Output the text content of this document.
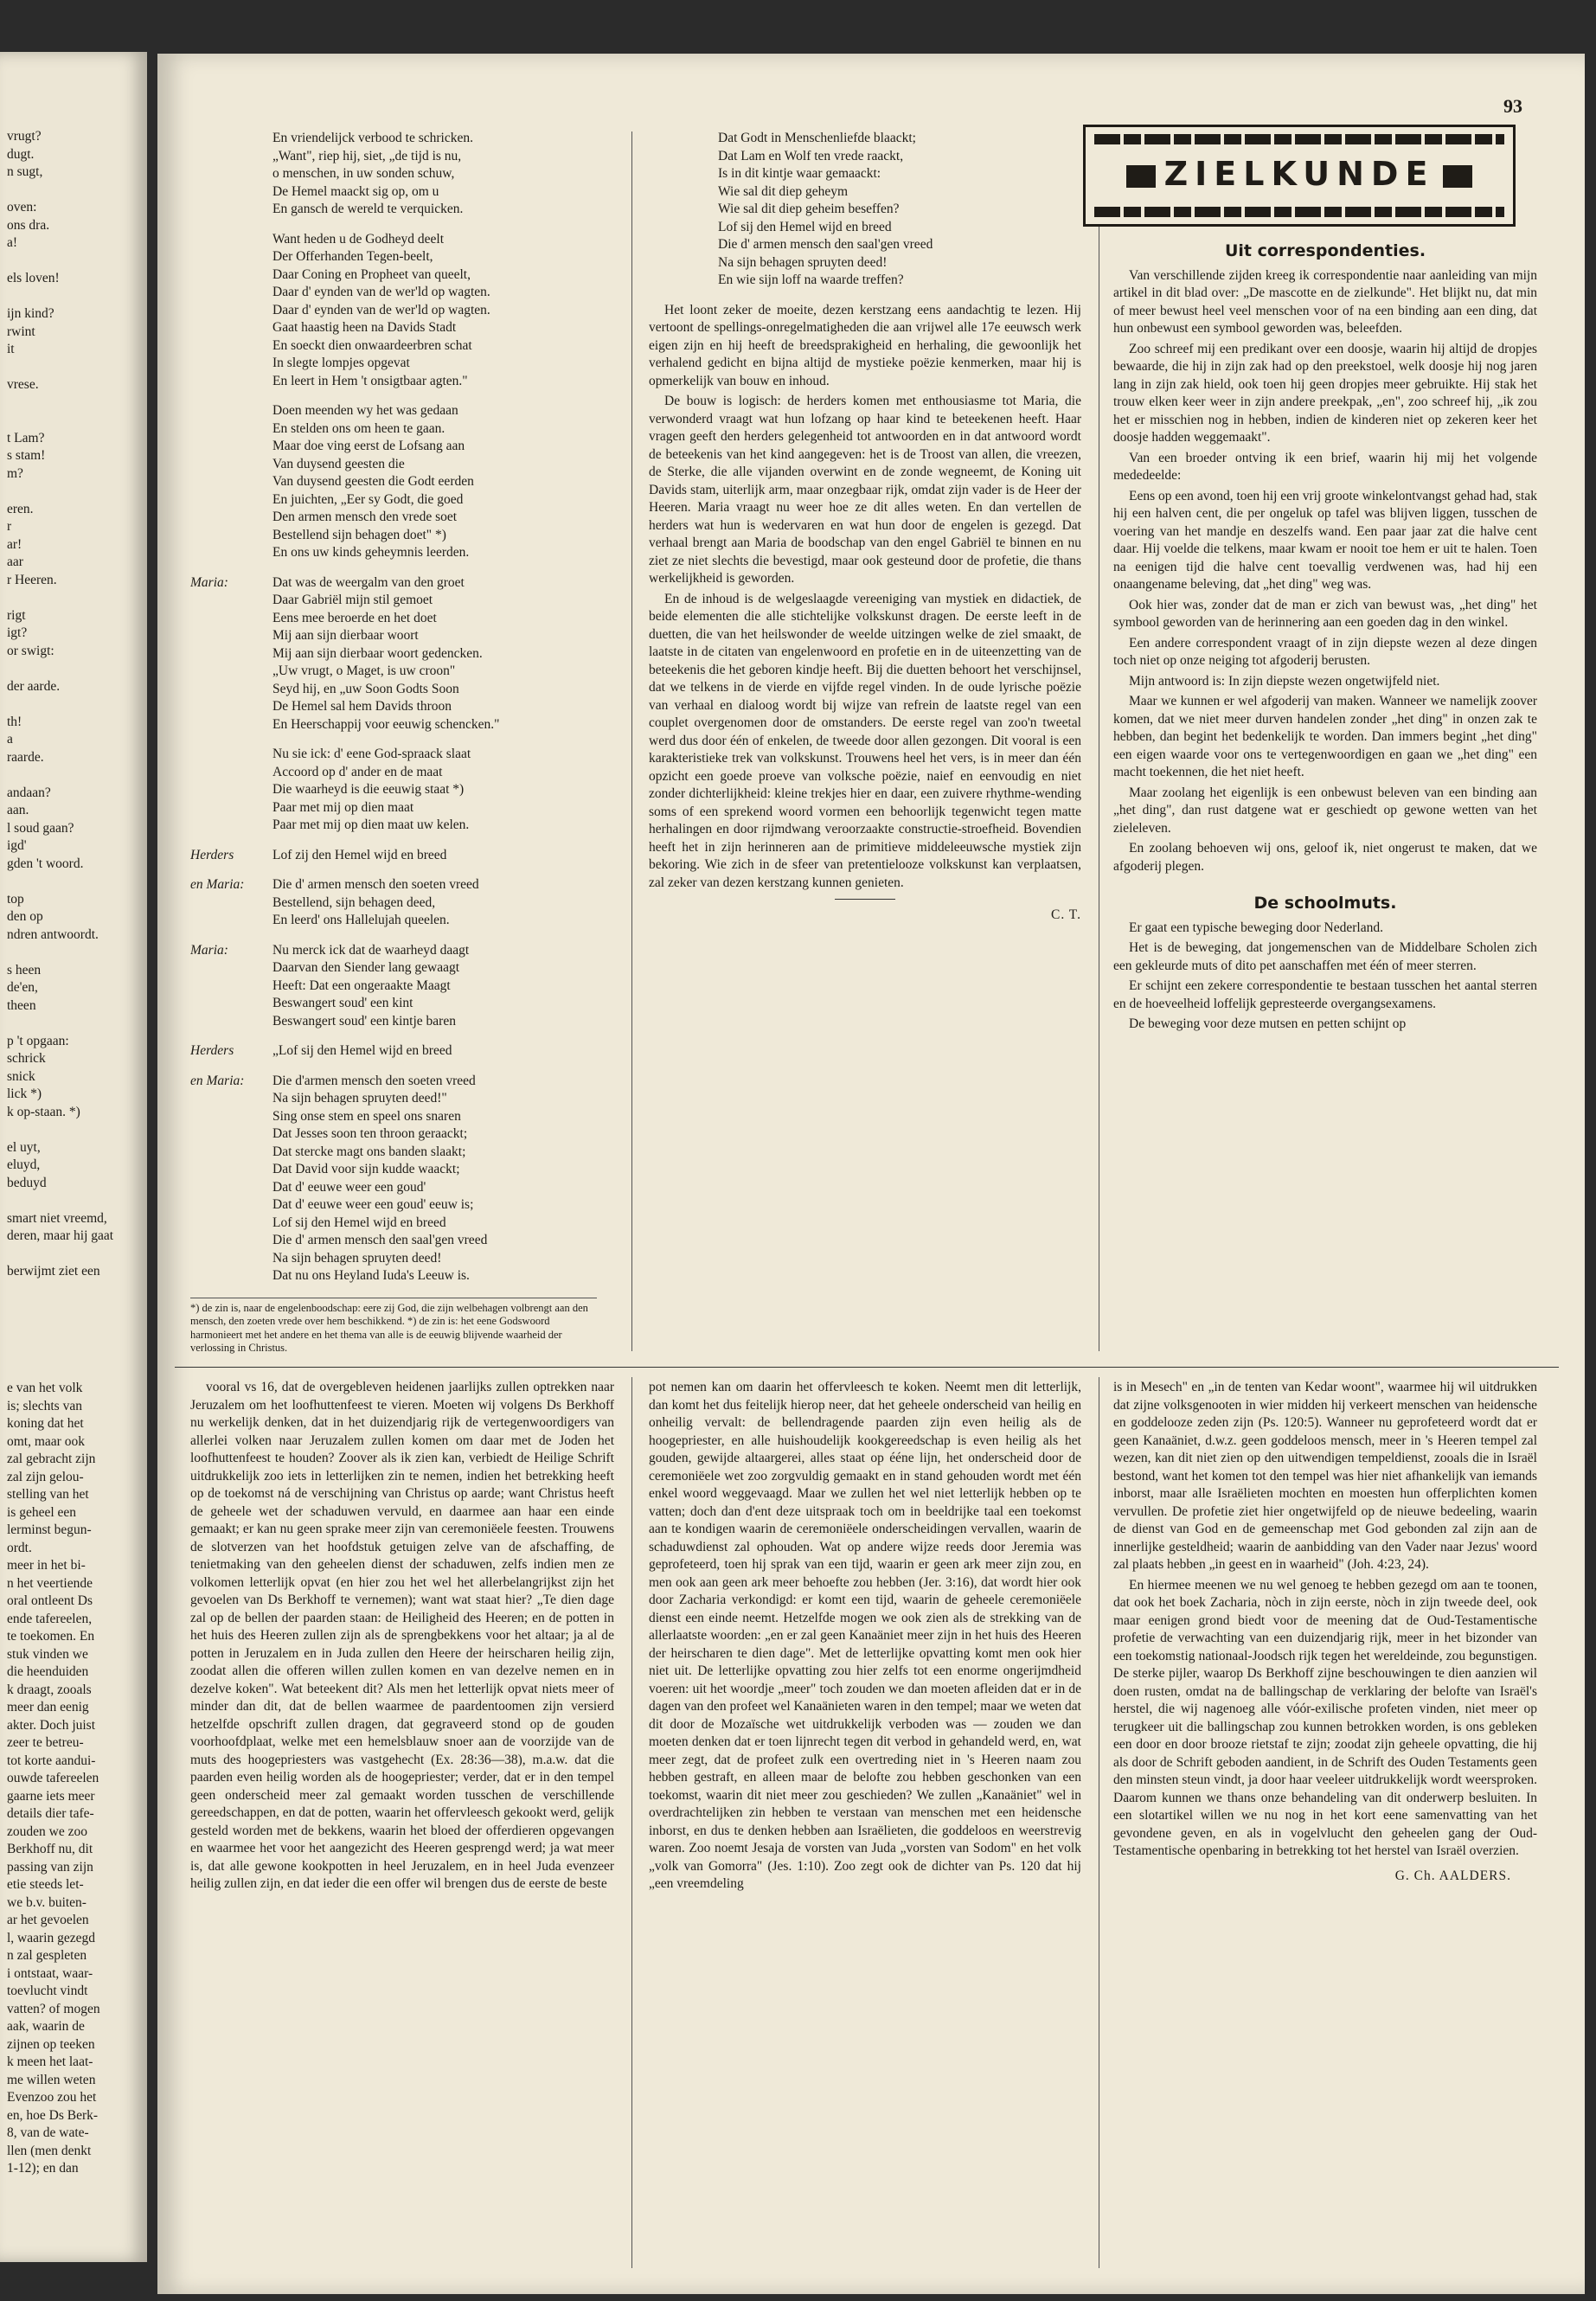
vrugt?
dugt.
n sugt,

oven:
ons dra.
a!

els loven!

ijn kind?
rwint
it

vrese.

t Lam?
s stam!
m?

eren.
r
ar!
aar
r Heeren.

rigt
igt?
or swigt:

der aarde.

th!
a
raarde.

andaan?
aan.
l soud gaan?
igd'
gden 't woord.

top
den op
ndren antwoordt.

s heen
de'en,
theen

p 't opgaan:
schrick
snick
lick *)
k op-staan. *)

el uyt,
eluyd,
beduyd

smart niet vreemd,
deren, maar hij gaat

berwijmt ziet een
e van het volk
is; slechts van
koning dat het
omt, maar ook
zal gebracht zijn
zal zijn gelou-
stelling van het
is geheel een
lerminst begun-
ordt.
meer in het bi-
n het veertiende
oral ontleent Ds
ende tafereelen,
te toekomen. En
stuk vinden we
die heenduiden
k draagt, zooals
meer dan eenig
akter. Doch juist
zeer te betreu-
tot korte aandui-
ouwde tafereelen
gaarne iets meer
details dier tafe-
zouden we zoo
Berkhoff nu, dit
passing van zijn
etie steeds let-
we b.v. buiten-
ar het gevoelen
l, waarin gezegd
n zal gespleten
i ontstaat, waar-
toevlucht vindt
vatten? of mogen
aak, waarin de
zijnen op teeken
k meen het laat-
me willen weten
Evenzoo zou het
en, hoe Ds Berk-
8, van de wate-
llen (men denkt
1-12); en dan
93
En vriendelijck verbood te schricken.
„Want", riep hij, siet, „de tijd is nu,
o menschen, in uw sonden schuw,
De Hemel maackt sig op, om u
En gansch de wereld te verquicken.
Want heden u de Godheyd deelt
Der Offerhanden Tegen-beelt,
Daar Coning en Propheet van queelt,
Daar d' eynden van de wer'ld op wagten.
Daar d' eynden van de wer'ld op wagten.
Gaat haastig heen na Davids Stadt
En soeckt dien onwaardeerbren schat
In slegte lompjes opgevat
En leert in Hem 't onsigtbaar agten."
Doen meenden wy het was gedaan
En stelden ons om heen te gaan.
Maar doe ving eerst de Lofsang aan
Van duysend geesten die
Van duysend geesten die Godt eerden
En juichten, „Eer sy Godt, die goed
Den armen mensch den vrede soet
Bestellend sijn behagen doet" *)
En ons uw kinds geheymnis leerden.
Maria:	Dat was de weergalm van den groet
Daar Gabriël mijn stil gemoet
Eens mee beroerde en het doet
Mij aan sijn dierbaar woort
Mij aan sijn dierbaar woort gedencken.
„Uw vrugt, o Maget, is uw croon"
Seyd hij, en „uw Soon Godts Soon
De Hemel sal hem Davids throon
En Heerschappij voor eeuwig schencken."
Nu sie ick: d' eene God-spraack slaat
Accoord op d' ander en de maat
Die waarheyd is die eeuwig staat *)
Paar met mij op dien maat
Paar met mij op dien maat uw kelen.
Herders	Lof zij den Hemel wijd en breed
en Maria:	Die d' armen mensch den soeten vreed
Bestellend, sijn behagen deed,
En leerd' ons Hallelujah queelen.
Maria:	Nu merck ick dat de waarheyd daagt
Daarvan den Siender lang gewaagt
Heeft: Dat een ongeraakte Maagt
Beswangert soud' een kint
Beswangert soud' een kintje baren
Herders	„Lof sij den Hemel wijd en breed
en Maria:	Die d'armen mensch den soeten vreed
Na sijn behagen spruyten deed!"
Sing onse stem en speel ons snaren
Dat Jesses soon ten throon geraackt;
Dat stercke magt ons banden slaakt;
Dat David voor sijn kudde waackt;
Dat d' eeuwe weer een goud'
Dat d' eeuwe weer een goud' eeuw is;
Lof sij den Hemel wijd en breed
Die d' armen mensch den saal'gen vreed
Na sijn behagen spruyten deed!
Dat nu ons Heyland Iuda's Leeuw is.
*) de zin is, naar de engelenboodschap: eere zij God, die zijn welbehagen volbrengt aan den mensch, den zoeten vrede over hem beschikkend. *) de zin is: het eene Godswoord harmonieert met het andere en het thema van alle is de eeuwig blijvende waarheid der verlossing in Christus.
Dat Godt in Menschenliefde blaackt;
Dat Lam en Wolf ten vrede raackt,
Is in dit kintje waar gemaackt:
Wie sal dit diep geheym
Wie sal dit diep geheim beseffen?
Lof sij den Hemel wijd en breed
Die d' armen mensch den saal'gen vreed
Na sijn behagen spruyten deed!
En wie sijn loff na waarde treffen?

Het loont zeker de moeite, dezen kerstzang eens aandachtig te lezen. Hij vertoont de spellings-onregelmatigheden die aan vrijwel alle 17e eeuwsch werk eigen zijn en hij heeft de breedsprakigheid en herhaling, die gewoonlijk het verhalend gedicht en bijna altijd de mystieke poëzie kenmerken, maar hij is opmerkelijk van bouw en inhoud.

De bouw is logisch: de herders komen met enthousiasme tot Maria, die verwonderd vraagt wat hun lofzang op haar kind te beteekenen heeft. Haar vragen geeft den herders gelegenheid tot antwoorden en in dat antwoord wordt de beteekenis van het kind aangegeven: het is de Troost van allen, die vreezen, de Sterke, die alle vijanden overwint en de zonde wegneemt, de Koning uit Davids stam, uiterlijk arm, maar onzegbaar rijk, omdat zijn vader is de Heer der Heeren. Maria vraagt nu weer hoe ze dit alles weten. En dan vertellen de herders wat hun is wedervaren en wat hun door de engelen is gezegd. Dat verhaal brengt aan Maria de boodschap van den engel Gabriël te binnen en nu ziet ze niet slechts die bevestigd, maar ook gesteund door de profetie, die thans werkelijkheid is geworden.

En de inhoud is de welgeslaagde vereeniging van mystiek en didactiek, de beide elementen die alle stichtelijke volkskunst dragen. De eerste leeft in de duetten, die van het heilswonder de weelde uitzingen welke de ziel smaakt, de laatste in de citaten van engelenwoord en profetie en in de uiteenzetting van de beteekenis die het geboren kindje heeft. Bij die duetten behoort het verschijnsel, dat we telkens in de vierde en vijfde regel vinden. In de oude lyrische poëzie van verhaal en dialoog wordt bij wijze van refrein de laatste regel van een couplet overgenomen door de omstanders. De eerste regel van zoo'n tweetal werd dus door één of enkelen, de tweede door allen gezongen. Dit vooral is een karakteristieke trek van volkskunst. Trouwens heel het vers, is in meer dan één opzicht een goede proeve van volksche poëzie, naief en eenvoudig en niet zonder dichterlijkheid: kleine trekjes hier en daar, een zuivere rhythme-wending soms of een sprekend woord vormen een behoorlijk tegenwicht tegen matte herhalingen en door rijmdwang veroorzaakte constructie-stroefheid. Bovendien heeft het in zijn herinneren aan de primitieve middeleeuwsche mystiek zijn bekoring. Wie zich in de sfeer van pretentielooze volkskunst kan verplaatsen, zal zeker van dezen kerstzang kunnen genieten.

C. T.
ZIELKUNDE
Uit correspondenties.

Van verschillende zijden kreeg ik correspondentie naar aanleiding van mijn artikel in dit blad over: „De mascotte en de zielkunde". Het blijkt nu, dat min of meer bewust heel veel menschen voor of na een binding aan een ding, dat hun onbewust een symbool geworden was, beleefden.

Zoo schreef mij een predikant over een doosje, waarin hij altijd de dropjes bewaarde, die hij in zijn zak had op den preekstoel, welk doosje hij nog jaren lang in zijn zak hield, ook toen hij geen dropjes meer gebruikte. Hij stak het trouw elken keer weer in zijn andere preekpak, „en", zoo schreef hij, „ik zou het er misschien nog in hebben, indien de kinderen niet op zekeren keer het doosje hadden weggemaakt".

Van een broeder ontving ik een brief, waarin hij mij het volgende mededeelde:

Eens op een avond, toen hij een vrij groote winkelontvangst gehad had, stak hij een halven cent, die per ongeluk op tafel was blijven liggen, tusschen de voering van het mandje en deszelfs wand. Een paar jaar zat die halve cent daar. Hij voelde die telkens, maar kwam er nooit toe hem er uit te halen. Toen na eenigen tijd die halve cent toevallig verdwenen was, had hij een onaangename beleving, dat „het ding" weg was.

Ook hier was, zonder dat de man er zich van bewust was, „het ding" het symbool geworden van de herinnering aan een goeden dag in den winkel.

Een andere correspondent vraagt of in zijn diepste wezen al deze dingen toch niet op onze neiging tot afgoderij berusten.

Mijn antwoord is: In zijn diepste wezen ongetwijfeld niet.

Maar we kunnen er wel afgoderij van maken. Wanneer we namelijk zoover komen, dat we niet meer durven handelen zonder „het ding" in onzen zak te hebben, dan begint het bedenkelijk te worden. Dan immers begint „het ding" een eigen waarde voor ons te vertegenwoordigen en gaan we „het ding" een macht toekennen, die het niet heeft.

Maar zoolang het eigenlijk is een onbewust beleven van een binding aan „het ding", dan rust datgene wat er geschiedt op gewone wetten van het zieleleven.

En zoolang behoeven wij ons, geloof ik, niet ongerust te maken, dat we afgoderij plegen.

De schoolmuts.

Er gaat een typische beweging door Nederland.

Het is de beweging, dat jongemenschen van de Middelbare Scholen zich een gekleurde muts of dito pet aanschaffen met één of meer sterren.

Er schijnt een zekere correspondentie te bestaan tusschen het aantal sterren en de hoeveelheid loffelijk gepresteerde overgangsexamens.

De beweging voor deze mutsen en petten schijnt op

vooral vs 16, dat de overgebleven heidenen jaarlijks zullen optrekken naar Jeruzalem om het loofhuttenfeest te vieren. Moeten wij volgens Ds Berkhoff nu werkelijk denken, dat in het duizendjarig rijk de vertegenwoordigers van allerlei volken naar Jeruzalem zullen komen om daar met de Joden het loofhuttenfeest te houden? Zoover als ik zien kan, verbiedt de Heilige Schrift uitdrukkelijk zoo iets in letterlijken zin te nemen, indien het betrekking heeft op de toekomst ná de verschijning van Christus op aarde; want Christus heeft de geheele wet der schaduwen vervuld, en daarmee aan haar een einde gemaakt; er kan nu geen sprake meer zijn van ceremoniëele feesten. Trouwens de slotverzen van het hoofdstuk getuigen zelve van de afschaffing, de tenietmaking van den geheelen dienst der schaduwen, zelfs indien men ze volkomen letterlijk opvat (en hier zou het wel het allerbelangrijkst zijn het gevoelen van Ds Berkhoff te vernemen); want wat staat hier? „Te dien dage zal op de bellen der paarden staan: de Heiligheid des Heeren; en de potten in het huis des Heeren zullen zijn als de sprengbekkens voor het altaar; ja al de potten in Jeruzalem en in Juda zullen den Heere der heirscharen heilig zijn, zoodat allen die offeren willen zullen komen en van dezelve nemen en in dezelve koken". Wat beteekent dit? Als men het letterlijk opvat niets meer of minder dan dit, dat de bellen waarmee de paardentoomen zijn versierd hetzelfde opschrift zullen dragen, dat gegraveerd stond op de gouden voorhoofdplaat, welke met een hemelsblauw snoer aan de voorzijde van de muts des hoogepriesters was vastgehecht (Ex. 28:36—38), m.a.w. dat die paarden even heilig worden als de hoogepriester; verder, dat er in den tempel geen onderscheid meer zal gemaakt worden tusschen de verschillende gereedschappen, en dat de potten, waarin het offervleesch gekookt werd, gelijk gesteld worden met de bekkens, waarin het bloed der offerdieren opgevangen en waarmee het voor het aangezicht des Heeren gesprengd werd; ja wat meer is, dat alle gewone kookpotten in heel Jeruzalem, en in heel Juda evenzeer heilig zullen zijn, en dat ieder die een offer wil brengen dus de eerste de beste

pot nemen kan om daarin het offervleesch te koken. Neemt men dit letterlijk, dan komt het dus feitelijk hierop neer, dat het geheele onderscheid van heilig en onheilig vervalt: de bellendragende paarden zijn even heilig als de hoogepriester, en alle huishoudelijk kookgereedschap is even heilig als het gouden, gewijde altaargerei, alles staat op ééne lijn, het onderscheid door de ceremoniëele wet zoo zorgvuldig gemaakt en in stand gehouden wordt met één enkel woord weggevaagd. Maar we zullen het wel niet letterlijk hebben op te vatten; doch dan d'ent deze uitspraak toch om in beeldrijke taal een toekomst aan te kondigen waarin de ceremoniëele onderscheidingen vervallen, waarin de schaduwdienst zal ophouden. Wat op andere wijze reeds door Jeremia was geprofeteerd, toen hij sprak van een tijd, waarin er geen ark meer zijn zou, en men ook aan geen ark meer behoefte zou hebben (Jer. 3:16), dat wordt hier ook door Zacharia verkondigd: er komt een tijd, waarin de geheele ceremoniëele dienst een einde neemt. Hetzelfde mogen we ook zien als de strekking van de allerlaatste woorden: „en er zal geen Kanaäniet meer zijn in het huis des Heeren der heirscharen te dien dage". Met de letterlijke opvatting komt men ook hier niet uit. De letterlijke opvatting zou hier zelfs tot een enorme ongerijmdheid voeren: uit het woordje „meer" toch zouden we dan moeten afleiden dat er in de dagen van den profeet wel Kanaänieten waren in den tempel; maar we weten dat dit door de Mozaïsche wet uitdrukkelijk verboden was — zouden we dan moeten denken dat er toen lijnrecht tegen dit verbod in gehandeld werd, en, wat meer zegt, dat de profeet zulk een overtreding niet in 's Heeren naam zou hebben gestraft, en alleen maar de belofte zou hebben geschonken van een toekomst, waarin dit niet meer zou geschieden? We zullen „Kanaäniet" wel in overdrachtelijken zin hebben te verstaan van menschen met een heidensche inborst, en dus te denken hebben aan Israëlieten, die goddeloos en weerstrevig waren. Zoo noemt Jesaja de vorsten van Juda „vorsten van Sodom" en het volk „volk van Gomorra" (Jes. 1:10). Zoo zegt ook de dichter van Ps. 120 dat hij „een vreemdeling

is in Mesech" en „in de tenten van Kedar woont", waarmee hij wil uitdrukken dat zijne volksgenooten in wier midden hij verkeert menschen van heidensche en goddelooze zeden zijn (Ps. 120:5). Wanneer nu geprofeteerd wordt dat er geen Kanaäniet, d.w.z. geen goddeloos mensch, meer in 's Heeren tempel zal wezen, kan dit niet zien op den uitwendigen tempeldienst, zooals die in Israël bestond, want het komen tot den tempel was hier niet afhankelijk van iemands inborst, maar alle Israëlieten mochten en moesten hun offerplichten komen vervullen. De profetie ziet hier ongetwijfeld op de nieuwe bedeeling, waarin de dienst van God en de gemeenschap met God gebonden zal zijn aan de innerlijke gesteldheid; waarin de aanbidding van den Vader naar Jezus' woord zal plaats hebben „in geest en in waarheid" (Joh. 4:23, 24).

En hiermee meenen we nu wel genoeg te hebben gezegd om aan te toonen, dat ook het boek Zacharia, nòch in zijn eerste, nòch in zijn tweede deel, ook maar eenigen grond biedt voor de meening dat de Oud-Testamentische profetie de verwachting van een duizendjarig rijk, meer in het bizonder van een toekomstig nationaal-Joodsch rijk tegen het wereldeinde, zou begunstigen. De sterke pijler, waarop Ds Berkhoff zijne beschouwingen te dien aanzien wil doen rusten, omdat na de ballingschap de verklaring der belofte van Israël's herstel, die wij nagenoeg alle vóór-exilische profeten vinden, niet meer op terugkeer uit die ballingschap zou kunnen betrokken worden, is ons gebleken een door en door brooze rietstaf te zijn; zoodat zijn geheele opvatting, die hij als door de Schrift geboden aandient, in de Schrift des Ouden Testaments geen den minsten steun vindt, ja door haar veeleer uitdrukkelijk wordt weersproken. Daarom kunnen we thans onze behandeling van dit onderwerp besluiten. In een slotartikel willen we nu nog in het kort eene samenvatting van het gevondene geven, en als in vogelvlucht den geheelen gang der Oud-Testamentische openbaring in betrekking tot het herstel van Israël overzien.

G. Ch. AALDERS.
